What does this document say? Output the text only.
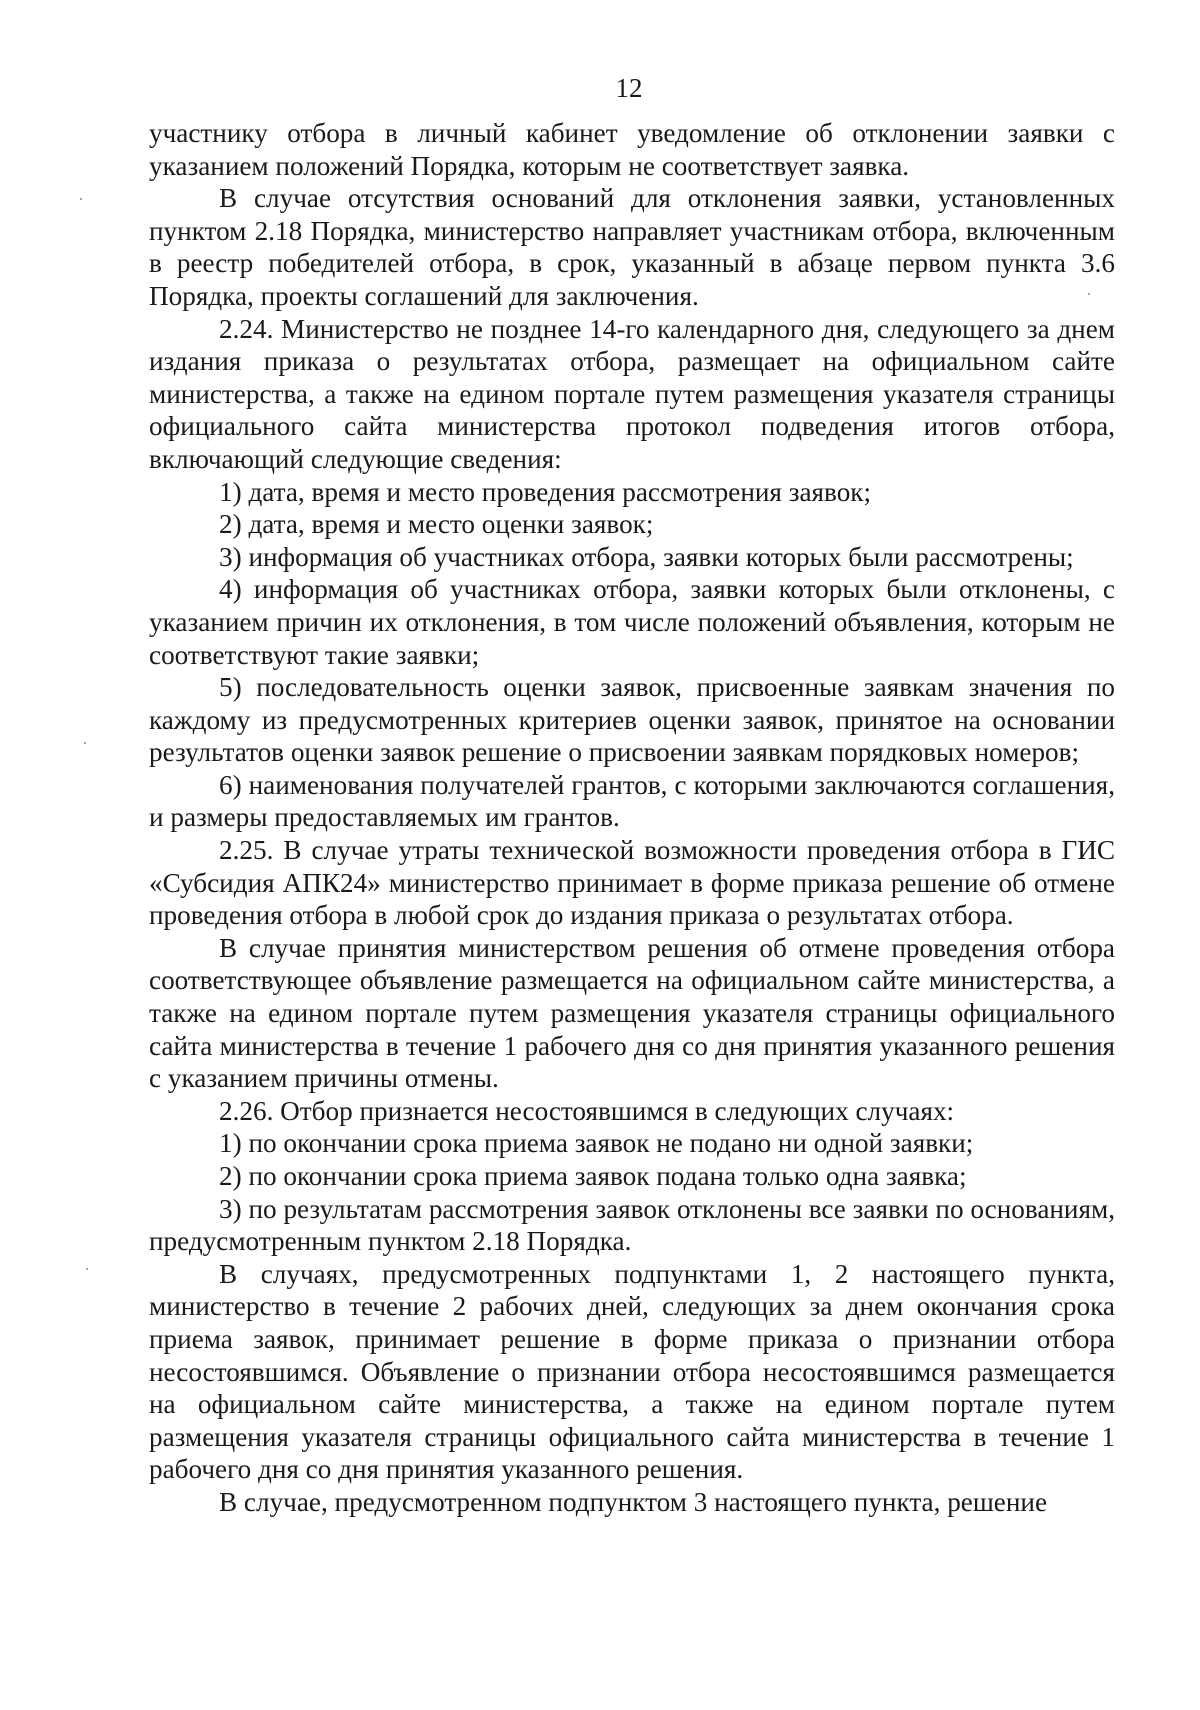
12

участнику отбора в личный кабинет уведомление об отклонении заявки с указанием положений Порядка, которым не соответствует заявка.

В случае отсутствия оснований для отклонения заявки, установленных пунктом 2.18 Порядка, министерство направляет участникам отбора, включенным в реестр победителей отбора, в срок, указанный в абзаце первом пункта 3.6 Порядка, проекты соглашений для заключения.

2.24. Министерство не позднее 14-го календарного дня, следующего за днем издания приказа о результатах отбора, размещает на официальном сайте министерства, а также на едином портале путем размещения указателя страницы официального сайта министерства протокол подведения итогов отбора, включающий следующие сведения:

1) дата, время и место проведения рассмотрения заявок;

2) дата, время и место оценки заявок;

3) информация об участниках отбора, заявки которых были рассмотрены;

4) информация об участниках отбора, заявки которых были отклонены, с указанием причин их отклонения, в том числе положений объявления, которым не соответствуют такие заявки;

5) последовательность оценки заявок, присвоенные заявкам значения по каждому из предусмотренных критериев оценки заявок, принятое на основании результатов оценки заявок решение о присвоении заявкам порядковых номеров;

6) наименования получателей грантов, с которыми заключаются соглашения, и размеры предоставляемых им грантов.

2.25. В случае утраты технической возможности проведения отбора в ГИС «Субсидия АПК24» министерство принимает в форме приказа решение об отмене проведения отбора в любой срок до издания приказа о результатах отбора.

В случае принятия министерством решения об отмене проведения отбора соответствующее объявление размещается на официальном сайте министерства, а также на едином портале путем размещения указателя страницы официального сайта министерства в течение 1 рабочего дня со дня принятия указанного решения с указанием причины отмены.

2.26. Отбор признается несостоявшимся в следующих случаях:

1) по окончании срока приема заявок не подано ни одной заявки;

2) по окончании срока приема заявок подана только одна заявка;

3) по результатам рассмотрения заявок отклонены все заявки по основаниям, предусмотренным пунктом 2.18 Порядка.

В случаях, предусмотренных подпунктами 1, 2 настоящего пункта, министерство в течение 2 рабочих дней, следующих за днем окончания срока приема заявок, принимает решение в форме приказа о признании отбора несостоявшимся. Объявление о признании отбора несостоявшимся размещается на официальном сайте министерства, а также на едином портале путем размещения указателя страницы официального сайта министерства в течение 1 рабочего дня со дня принятия указанного решения.

В случае, предусмотренном подпунктом 3 настоящего пункта, решение
